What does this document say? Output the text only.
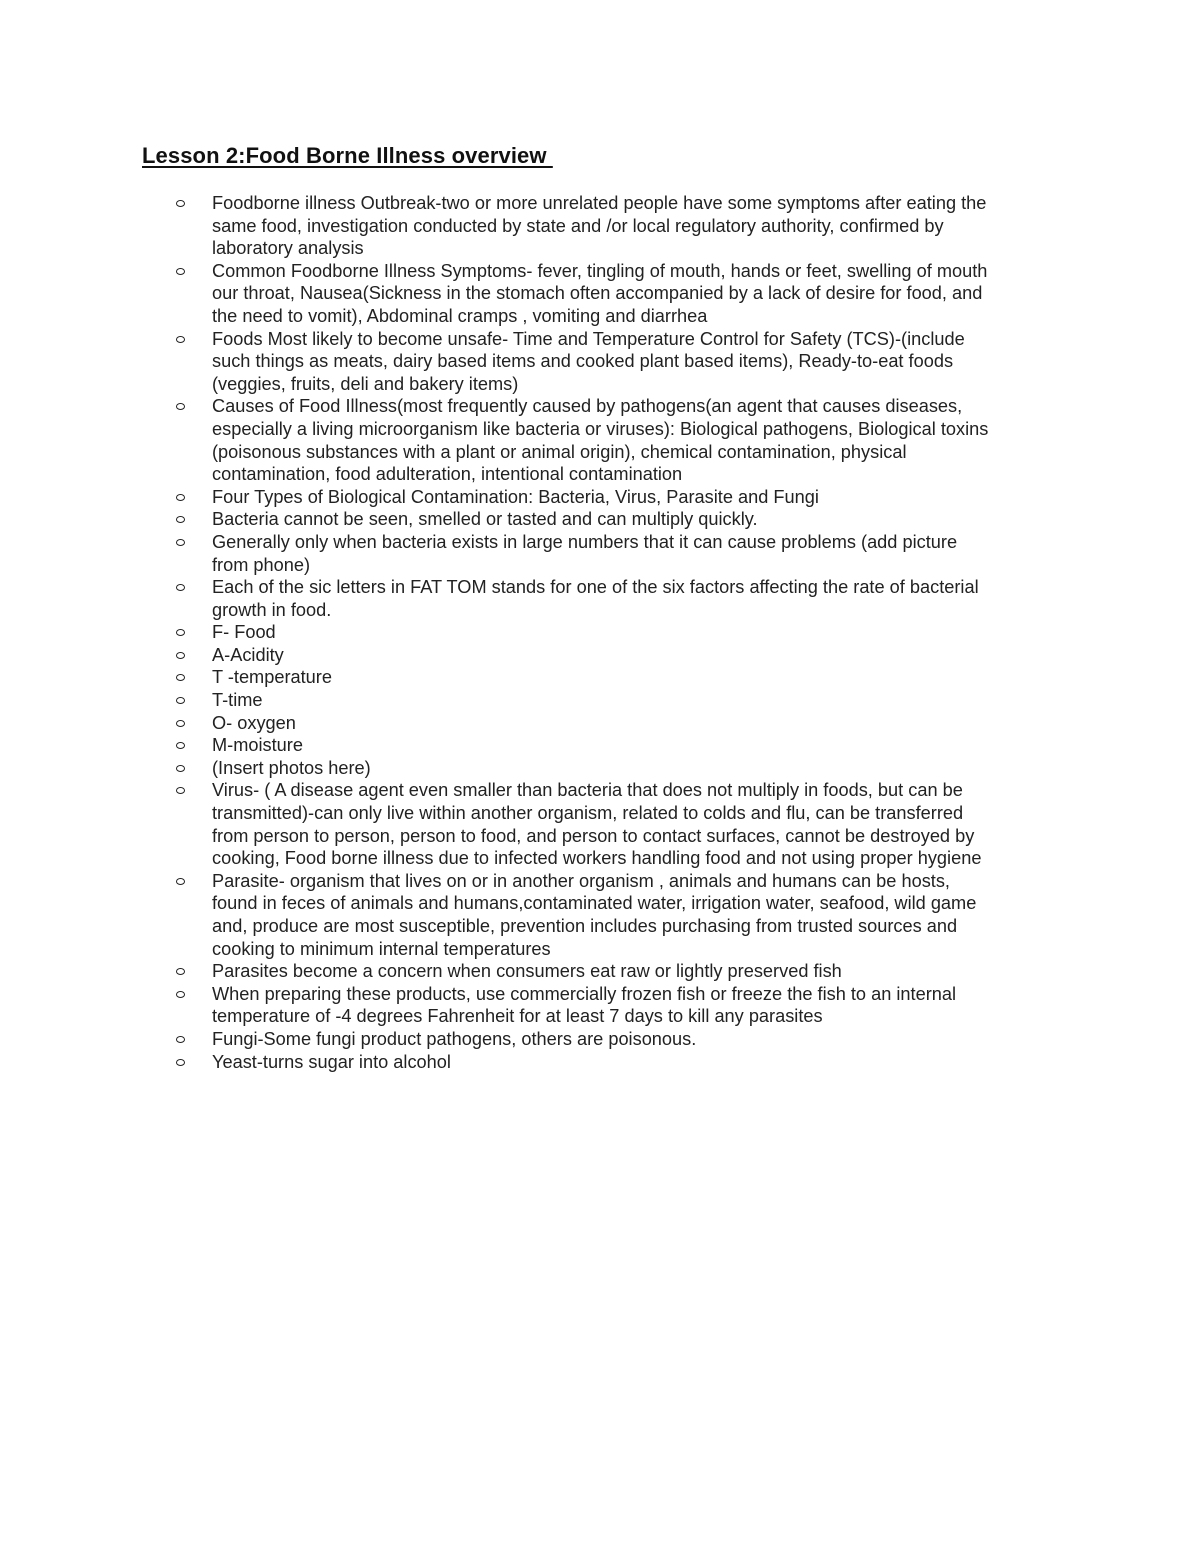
Lesson 2:Food Borne Illness overview
Foodborne illness Outbreak-two or more unrelated people have some symptoms after eating the
same food, investigation conducted by state and /or local regulatory authority, confirmed by
laboratory analysis
Common Foodborne Illness Symptoms- fever, tingling of mouth, hands or feet, swelling of mouth
our throat, Nausea(Sickness in the stomach often accompanied by a lack of desire for food, and
the need to vomit), Abdominal cramps , vomiting and diarrhea
Foods Most likely to become unsafe- Time and Temperature Control for Safety (TCS)-(include
such things as meats, dairy based items and cooked plant based items), Ready-to-eat foods
(veggies, fruits, deli and bakery items)
Causes of Food Illness(most frequently caused by pathogens(an agent that causes diseases,
especially a living microorganism like bacteria or viruses): Biological pathogens, Biological toxins
(poisonous substances with a plant or animal origin), chemical contamination, physical
contamination, food adulteration, intentional contamination
Four Types of Biological Contamination: Bacteria, Virus, Parasite and Fungi
Bacteria cannot be seen, smelled or tasted and can multiply quickly.
Generally only when bacteria exists in large numbers that it can cause problems (add picture
from phone)
Each of the sic letters in FAT TOM stands for one of the six factors affecting the rate of bacterial
growth in food.
F- Food
A-Acidity
T -temperature
T-time
O- oxygen
M-moisture
(Insert photos here)
Virus- ( A disease agent even smaller than bacteria that does not multiply in foods, but can be
transmitted)-can only live within another organism, related to colds and flu, can be transferred
from person to person, person to food, and person to contact surfaces, cannot be destroyed by
cooking, Food borne illness due to infected workers handling food and not using proper hygiene
Parasite- organism that lives on or in another organism , animals and humans can be hosts,
found in feces of animals and humans,contaminated water, irrigation water, seafood, wild game
and, produce are most susceptible, prevention includes purchasing from trusted sources and
cooking to minimum internal temperatures
Parasites become a concern when consumers eat raw or lightly preserved fish
When preparing these products, use commercially frozen fish or freeze the fish to an internal
temperature of -4 degrees Fahrenheit for at least 7 days to kill any parasites
Fungi-Some fungi product pathogens, others are poisonous.
Yeast-turns sugar into alcohol
